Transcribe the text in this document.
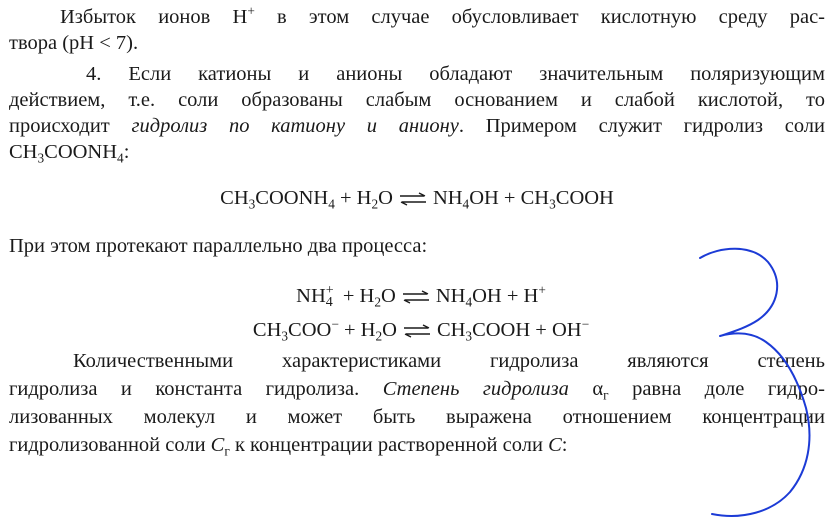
Избыток ионов H+ в этом случае обусловливает кислотную среду рас-
твора (pH < 7).
4. Если катионы и анионы обладают значительным поляризующим
действием, т.е. соли образованы слабым основанием и слабой кислотой, то
происходит гидролиз по катиону и аниону. Примером служит гидролиз соли
$CH_3COONH_4$:
$CH_3COONH_4 + H_2O$ ⇌ $NH_4OH$ + $CH_3COOH$
При этом протекают параллельно два процесса:
NH +
$4 + H_2O$ ⇌ $NH_4OH + H^+$
$CH_3COO^- + H_2O$ ⇌ $CH_3COOH + OH^-$
Количественными характеристиками гидролиза являются степень
гидролиза и константа гидролиза. Степень гидролиза $\alpha_г$ равна доле гидро-
лизованных молекул и может быть выражена отношением концентрации
гидролизованной соли $C_г$ к концентрации растворенной соли C:
